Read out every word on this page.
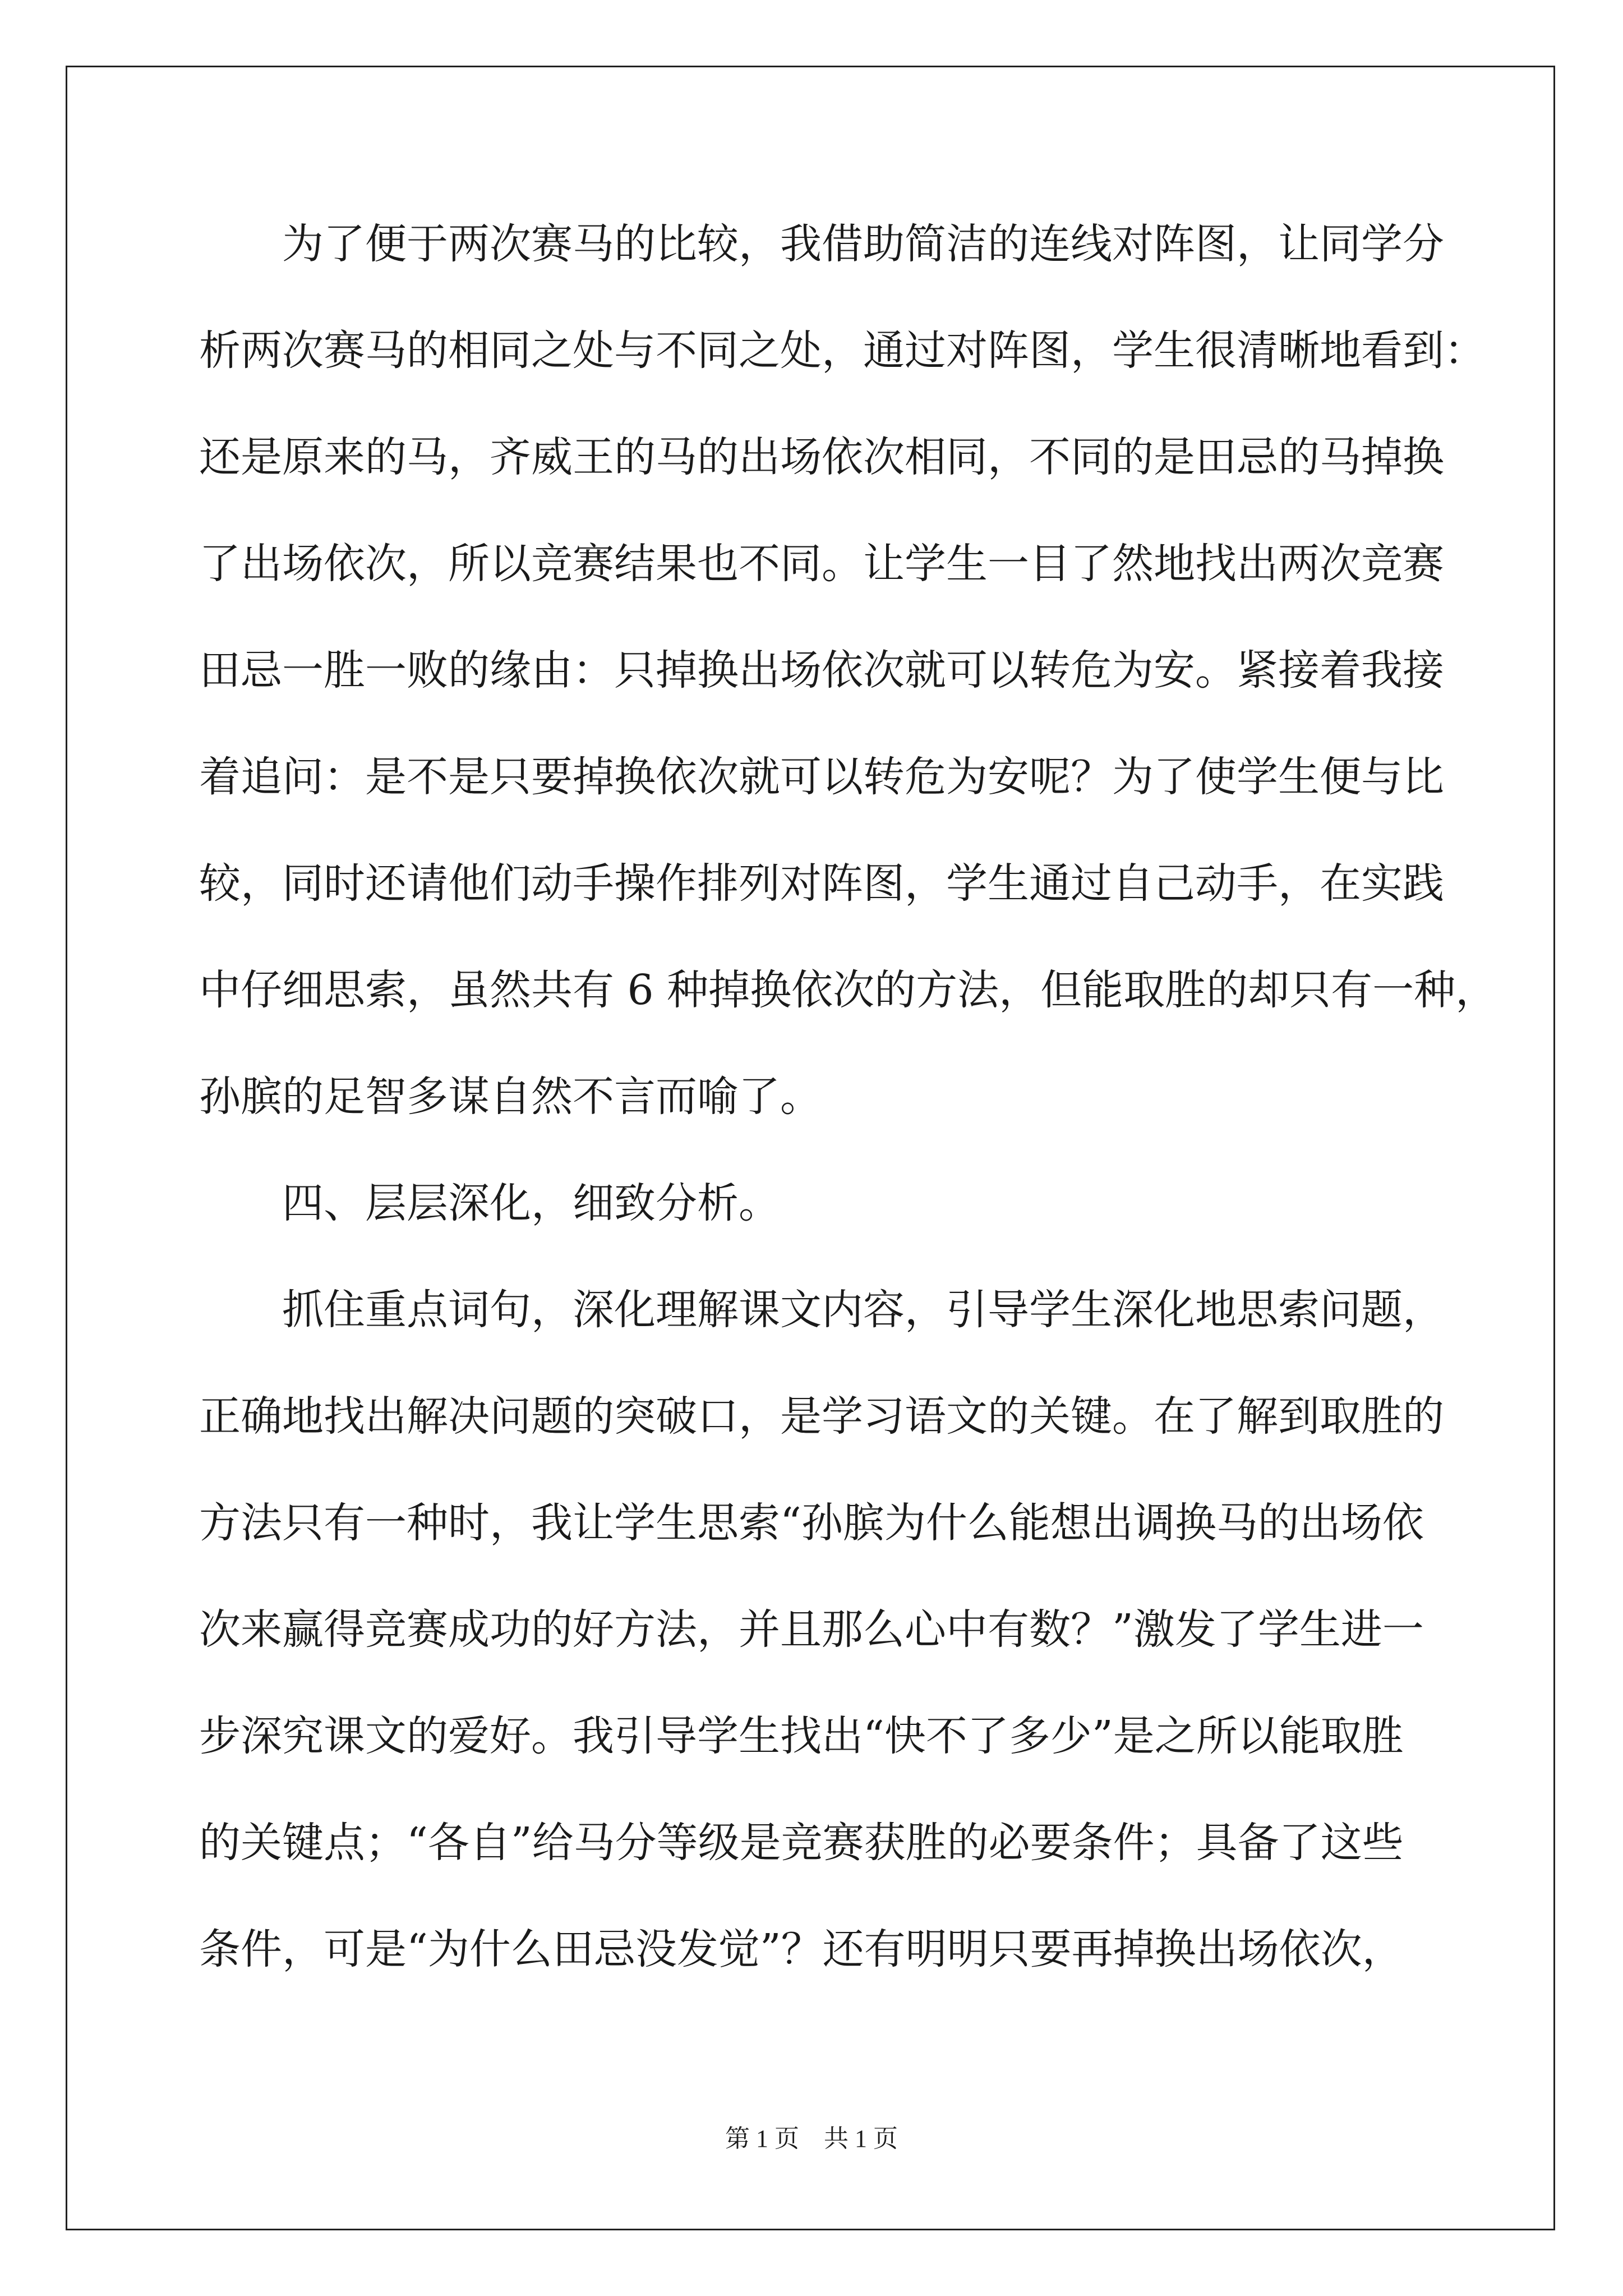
为了便于两次赛马的比较，我借助简洁的连线对阵图，让同学分
析两次赛马的相同之处与不同之处，通过对阵图，学生很清晰地看到：
还是原来的马，齐威王的马的出场依次相同，不同的是田忌的马掉换
了出场依次，所以竞赛结果也不同。让学生一目了然地找出两次竞赛
田忌一胜一败的缘由：只掉换出场依次就可以转危为安。紧接着我接
着追问：是不是只要掉换依次就可以转危为安呢？为了使学生便与比
较，同时还请他们动手操作排列对阵图，学生通过自己动手，在实践
中仔细思索，虽然共有 6 种掉换依次的方法，但能取胜的却只有一种，
孙膑的足智多谋自然不言而喻了。
四、层层深化，细致分析。
抓住重点词句，深化理解课文内容，引导学生深化地思索问题，
正确地找出解决问题的突破口，是学习语文的关键。在了解到取胜的
方法只有一种时，我让学生思索“孙膑为什么能想出调换马的出场依
次来赢得竞赛成功的好方法，并且那么心中有数？”激发了学生进一
步深究课文的爱好。我引导学生找出“快不了多少”是之所以能取胜
的关键点；“各自”给马分等级是竞赛获胜的必要条件；具备了这些
条件，可是“为什么田忌没发觉”？还有明明只要再掉换出场依次，
第 1 页 共 1 页
